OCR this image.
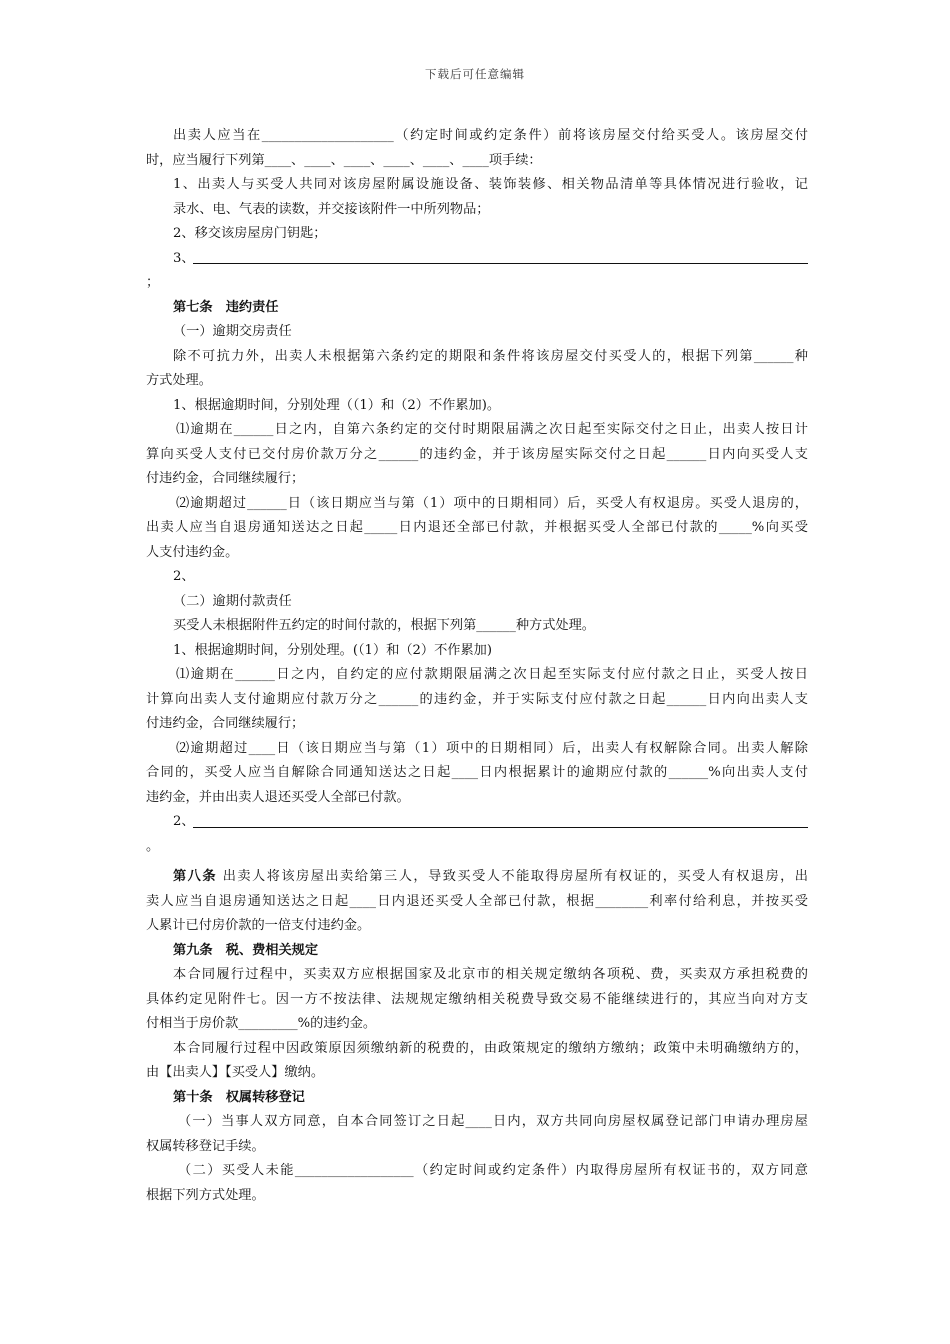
下载后可任意编辑
出卖人应当在____________________（约定时间或约定条件）前将该房屋交付给买受人。该房屋交付
时，应当履行下列第____、____、____、____、____、____项手续：
1、出卖人与买受人共同对该房屋附属设施设备、装饰装修、相关物品清单等具体情况进行验收，记
录水、电、气表的读数，并交接该附件一中所列物品；
2、移交该房屋房门钥匙；
3、
；
第七条　违约责任
（一）逾期交房责任
除不可抗力外，出卖人未根据第六条约定的期限和条件将该房屋交付买受人的，根据下列第______种
方式处理。
1、根据逾期时间，分别处理（（1）和（2）不作累加)。
⑴逾期在______日之内，自第六条约定的交付时期限届满之次日起至实际交付之日止，出卖人按日计
算向买受人支付已交付房价款万分之______的违约金，并于该房屋实际交付之日起______日内向买受人支
付违约金，合同继续履行；
⑵逾期超过______日（该日期应当与第（1）项中的日期相同）后，买受人有权退房。买受人退房的，
出卖人应当自退房通知送达之日起_____日内退还全部已付款，并根据买受人全部已付款的_____%向买受
人支付违约金。
2、
（二）逾期付款责任
买受人未根据附件五约定的时间付款的，根据下列第______种方式处理。
1、根据逾期时间，分别处理。(（1）和（2）不作累加)
⑴逾期在______日之内，自约定的应付款期限届满之次日起至实际支付应付款之日止，买受人按日
计算向出卖人支付逾期应付款万分之______的违约金，并于实际支付应付款之日起______日内向出卖人支
付违约金，合同继续履行；
⑵逾期超过____日（该日期应当与第（1）项中的日期相同）后，出卖人有权解除合同。出卖人解除
合同的，买受人应当自解除合同通知送达之日起____日内根据累计的逾期应付款的______%向出卖人支付
违约金，并由出卖人退还买受人全部已付款。
2、
。
第八条 出卖人将该房屋出卖给第三人，导致买受人不能取得房屋所有权证的，买受人有权退房，出
卖人应当自退房通知送达之日起____日内退还买受人全部已付款，根据________利率付给利息，并按买受
人累计已付房价款的一倍支付违约金。
第九条　税、费相关规定
本合同履行过程中，买卖双方应根据国家及北京市的相关规定缴纳各项税、费，买卖双方承担税费的
具体约定见附件七。因一方不按法律、法规规定缴纳相关税费导致交易不能继续进行的，其应当向对方支
付相当于房价款_________%的违约金。
本合同履行过程中因政策原因须缴纳新的税费的，由政策规定的缴纳方缴纳；政策中未明确缴纳方的，
由【出卖人】【买受人】缴纳。
第十条　权属转移登记
（一）当事人双方同意，自本合同签订之日起____日内，双方共同向房屋权属登记部门申请办理房屋
权属转移登记手续。
（二）买受人未能__________________（约定时间或约定条件）内取得房屋所有权证书的，双方同意
根据下列方式处理。
